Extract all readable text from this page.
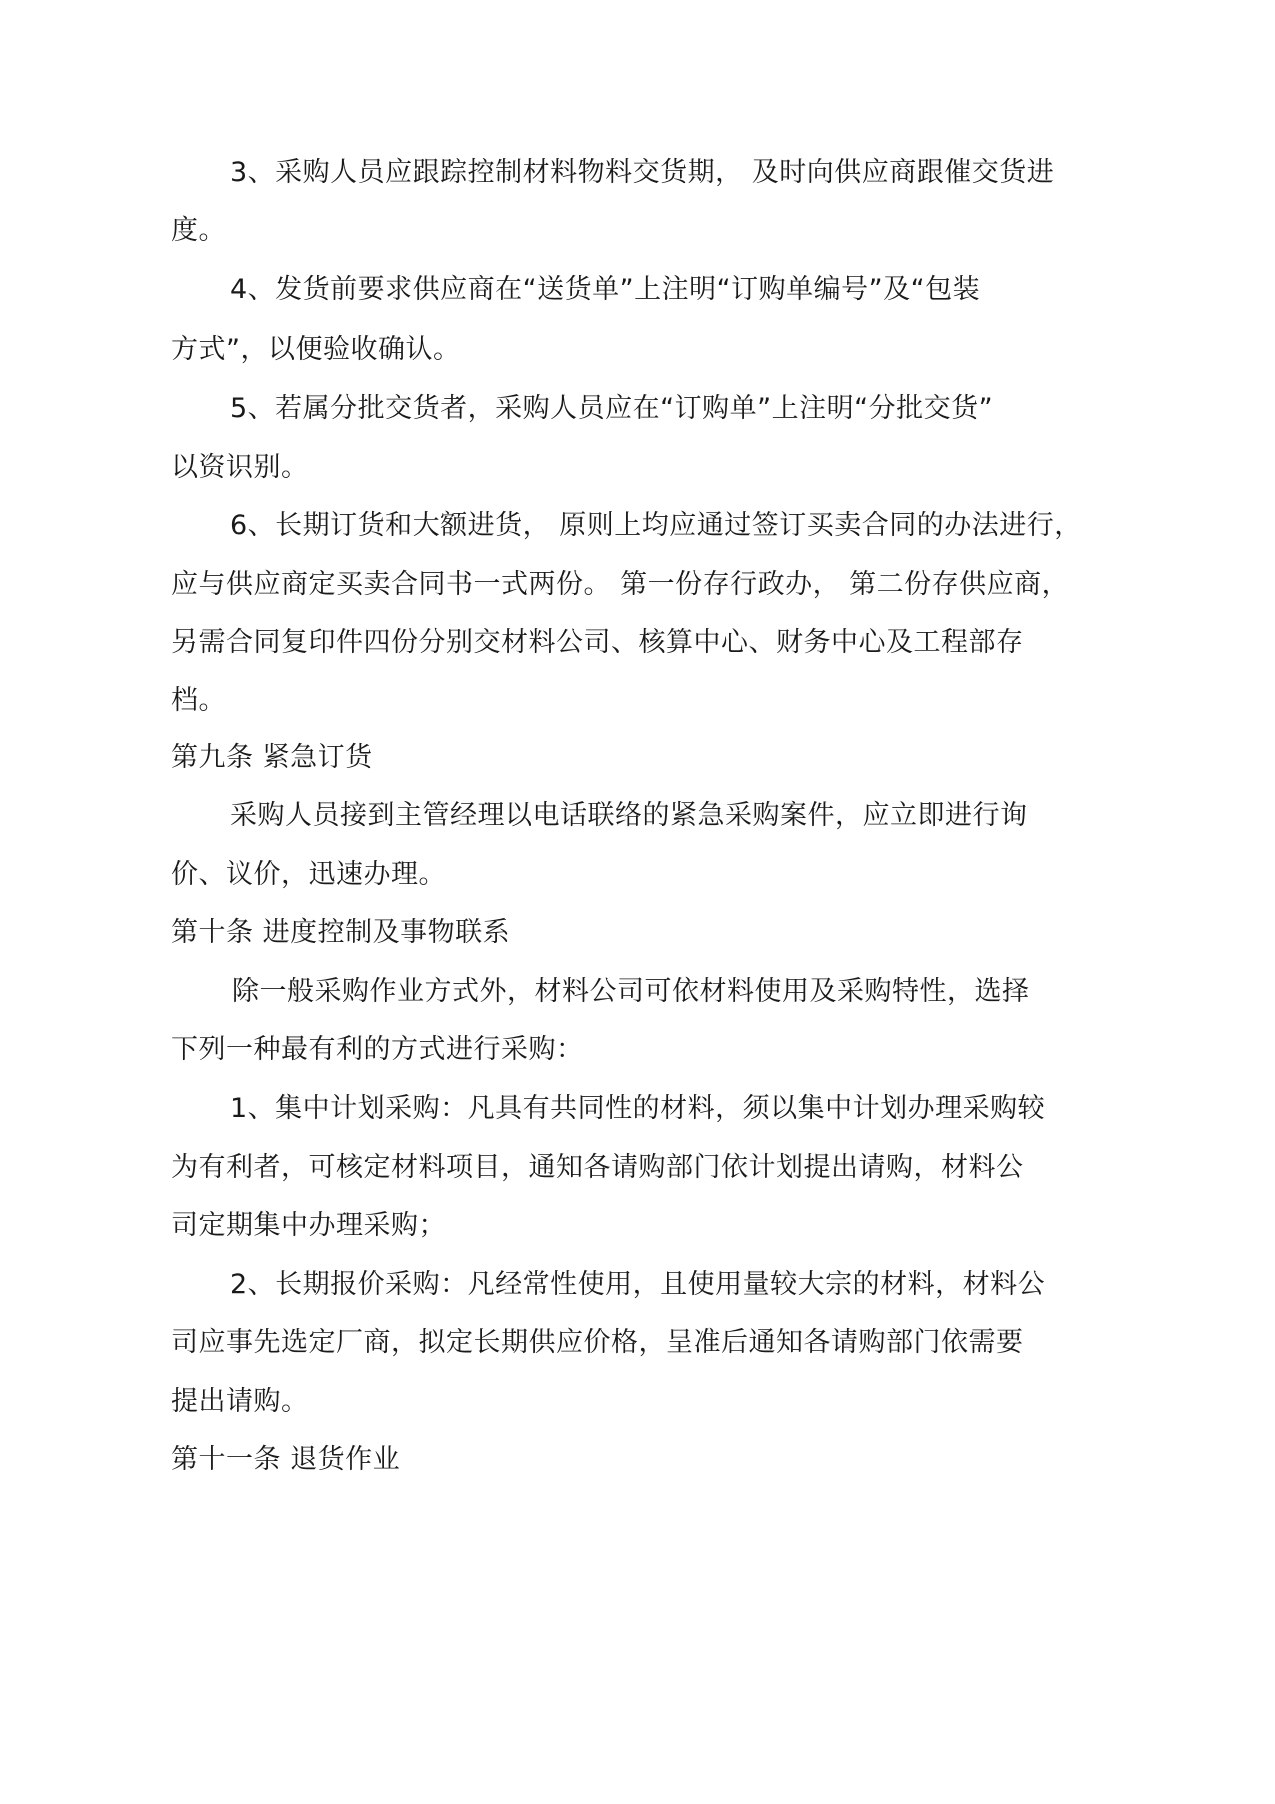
3、采购人员应跟踪控制材料物料交货期， 及时向供应商跟催交货进
度。
4、发货前要求供应商在“送货单”上注明“订购单编号”及“包装
方式”，以便验收确认。
5、若属分批交货者，采购人员应在“订购单”上注明“分批交货”
以资识别。
6、长期订货和大额进货， 原则上均应通过签订买卖合同的办法进行，
应与供应商定买卖合同书一式两份。 第一份存行政办， 第二份存供应商，
另需合同复印件四份分别交材料公司、核算中心、财务中心及工程部存
档。
第九条 紧急订货
采购人员接到主管经理以电话联络的紧急采购案件，应立即进行询
价、议价，迅速办理。
第十条 进度控制及事物联系
除一般采购作业方式外，材料公司可依材料使用及采购特性，选择
下列一种最有利的方式进行采购：
1、集中计划采购：凡具有共同性的材料，须以集中计划办理采购较
为有利者，可核定材料项目，通知各请购部门依计划提出请购，材料公
司定期集中办理采购；
2、长期报价采购：凡经常性使用，且使用量较大宗的材料，材料公
司应事先选定厂商，拟定长期供应价格，呈准后通知各请购部门依需要
提出请购。
第十一条 退货作业
